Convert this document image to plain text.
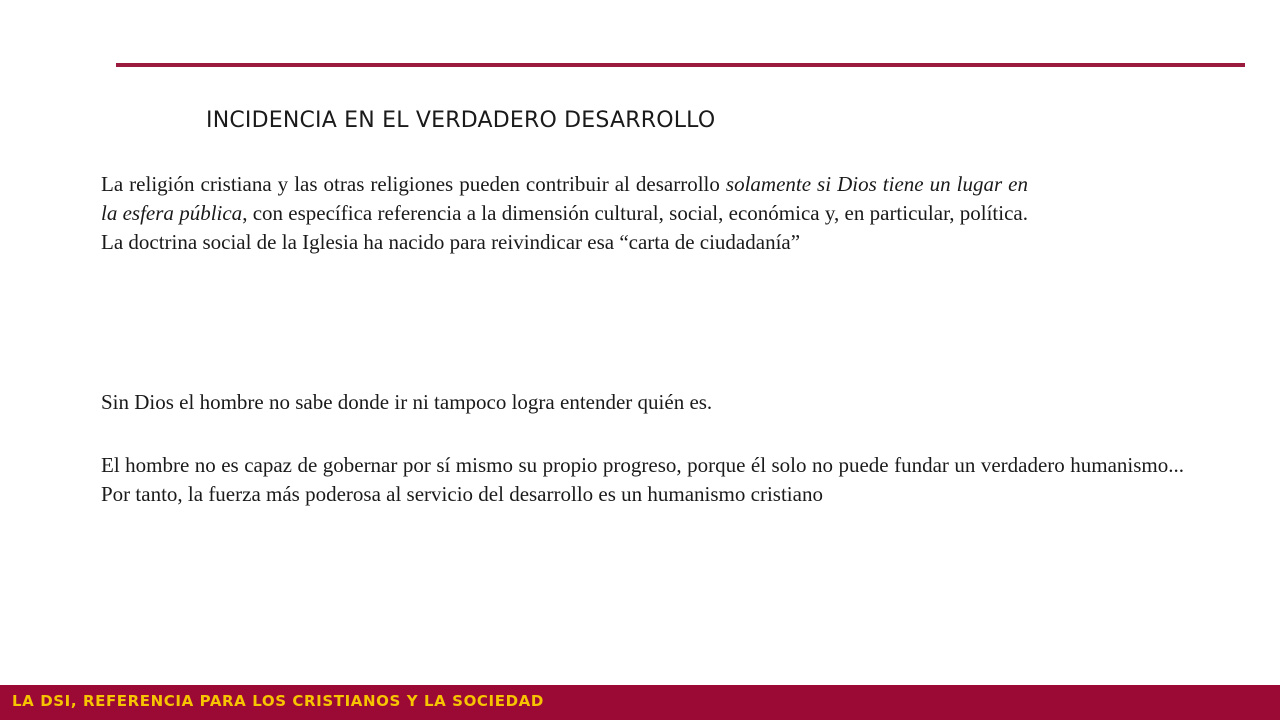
INCIDENCIA EN EL VERDADERO DESARROLLO

La religión cristiana y las otras religiones pueden contribuir al desarrollo solamente si Dios tiene un lugar en la esfera pública, con específica referencia a la dimensión cultural, social, económica y, en particular, política. La doctrina social de la Iglesia ha nacido para reivindicar esa “carta de ciudadanía”

Sin Dios el hombre no sabe donde ir ni tampoco logra entender quién es.

El hombre no es capaz de gobernar por sí mismo su propio progreso, porque él solo no puede fundar un verdadero humanismo... Por tanto, la fuerza más poderosa al servicio del desarrollo es un humanismo cristiano

LA DSI, REFERENCIA PARA LOS CRISTIANOS Y LA SOCIEDAD
